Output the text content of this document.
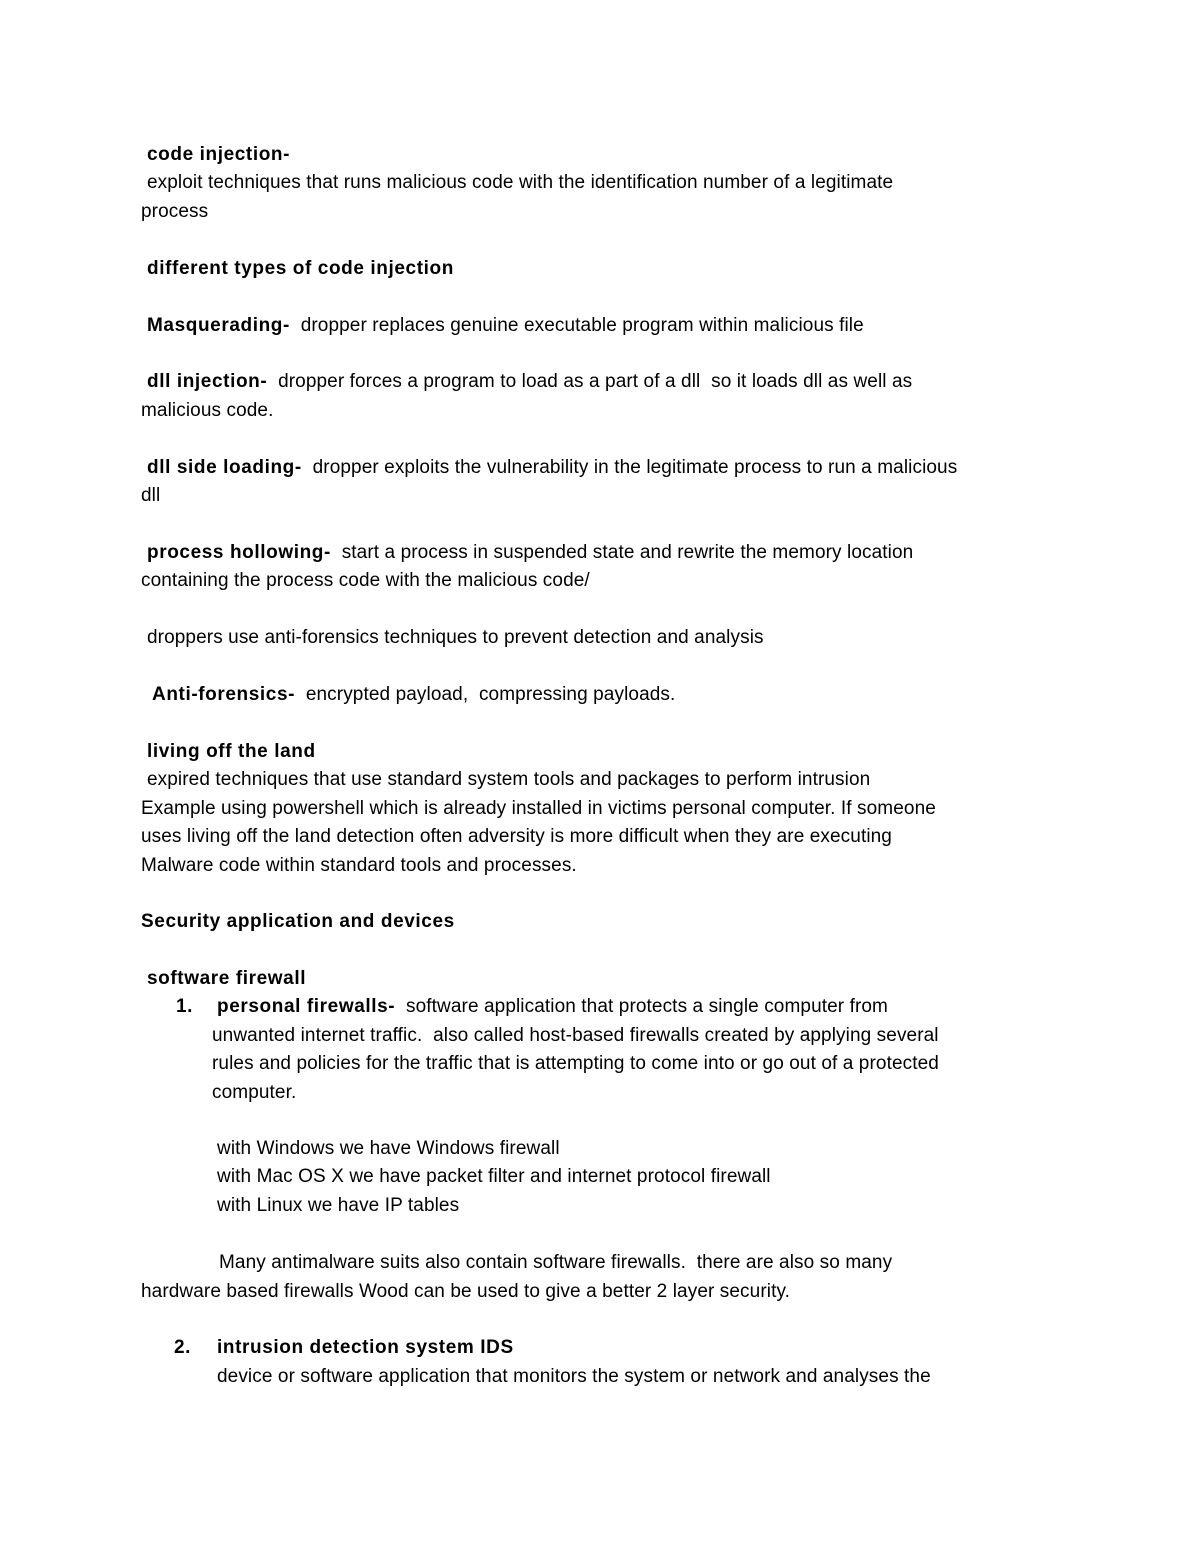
code injection-
exploit techniques that runs malicious code with the identification number of a legitimate
process
different types of code injection
Masquerading- dropper replaces genuine executable program within malicious file
dll injection- dropper forces a program to load as a part of a dll  so it loads dll as well as
malicious code.
dll side loading- dropper exploits the vulnerability in the legitimate process to run a malicious
dll
process hollowing- start a process in suspended state and rewrite the memory location
containing the process code with the malicious code/
droppers use anti-forensics techniques to prevent detection and analysis
Anti-forensics- encrypted payload,  compressing payloads.
living off the land
expired techniques that use standard system tools and packages to perform intrusion
Example using powershell which is already installed in victims personal computer. If someone
uses living off the land detection often adversity is more difficult when they are executing
Malware code within standard tools and processes.
Security application and devices
software firewall
1. personal firewalls- software application that protects a single computer from
unwanted internet traffic.  also called host-based firewalls created by applying several
rules and policies for the traffic that is attempting to come into or go out of a protected
computer.
with Windows we have Windows firewall
with Mac OS X we have packet filter and internet protocol firewall
with Linux we have IP tables
Many antimalware suits also contain software firewalls.  there are also so many
hardware based firewalls Wood can be used to give a better 2 layer security.
2. intrusion detection system IDS
device or software application that monitors the system or network and analyses the
